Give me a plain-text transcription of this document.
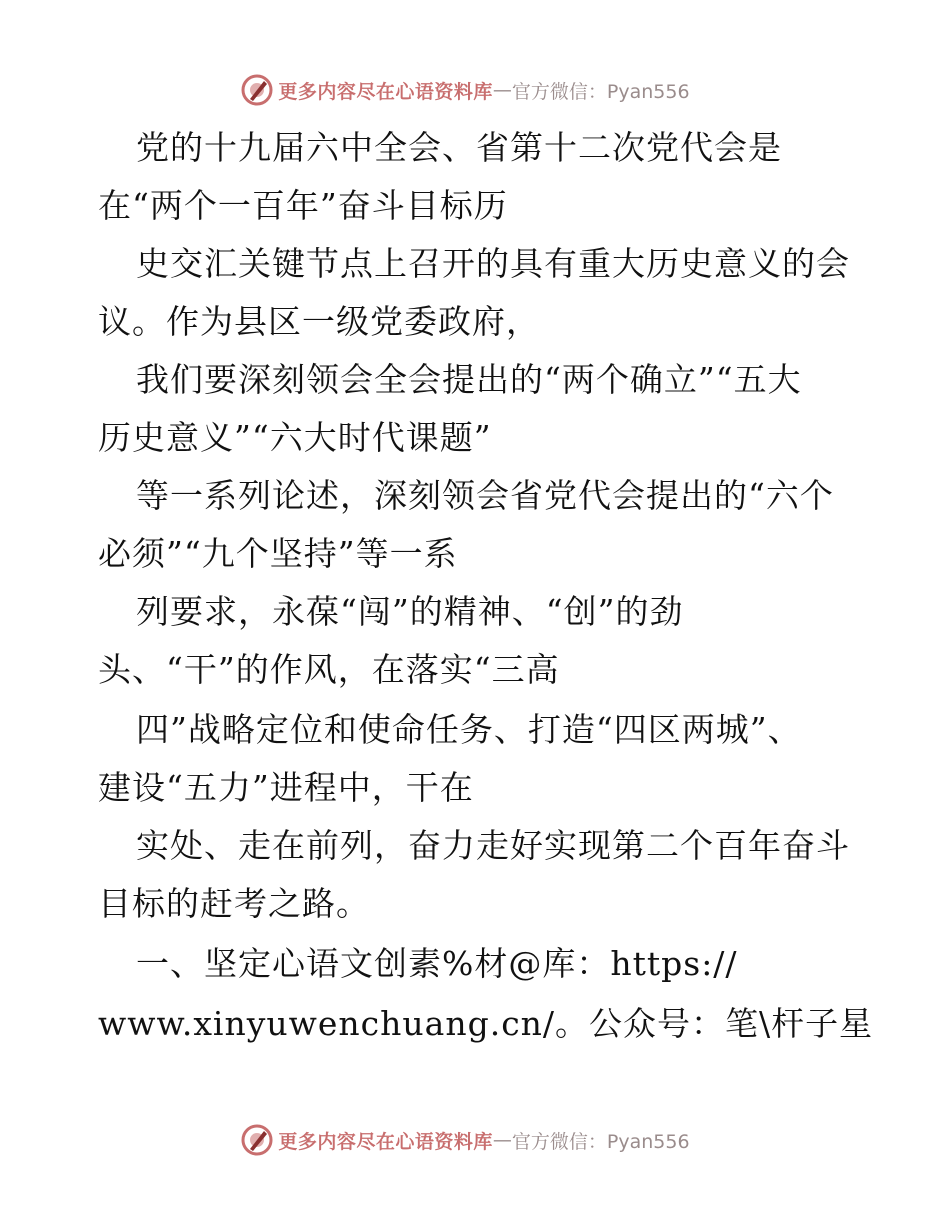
更多内容尽在心语资料库 — 官方微信：Pyan556
党的十九届六中全会、省第十二次党代会是
在“两个一百年”奋斗目标历
史交汇关键节点上召开的具有重大历史意义的会
议。作为县区一级党委政府，
我们要深刻领会全会提出的“两个确立”“五大
历史意义”“六大时代课题”
等一系列论述，深刻领会省党代会提出的“六个
必须”“九个坚持”等一系
列要求，永葆“闯”的精神、“创”的劲
头、“干”的作风，在落实“三高
四”战略定位和使命任务、打造“四区两城”、
建设“五力”进程中，干在
实处、走在前列，奋力走好实现第二个百年奋斗
目标的赶考之路。
一、坚定心语文创素%材@库：https://
www.xinyuwenchuang.cn/。公众号：笔\杆子星
更多内容尽在心语资料库 — 官方微信：Pyan556
